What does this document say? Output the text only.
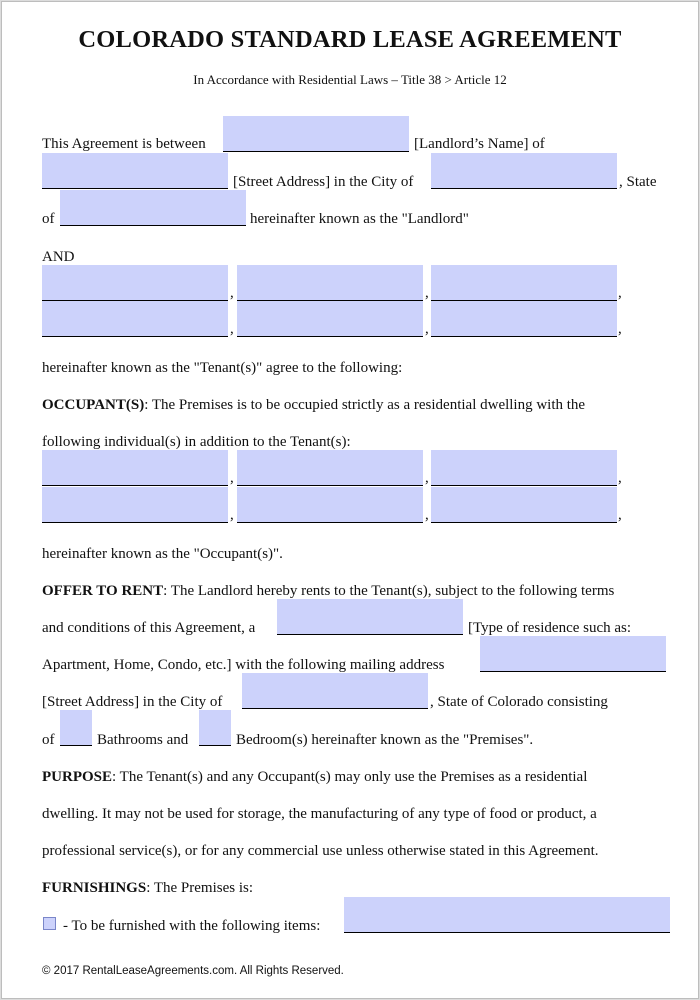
COLORADO STANDARD LEASE AGREEMENT
In Accordance with Residential Laws – Title 38 > Article 12
This Agreement is between	[Landlord’s Name] of
[Street Address] in the City of	, State
of	hereinafter known as the "Landlord"
AND
,	,	,
,	,	,
hereinafter known as the "Tenant(s)" agree to the following:
OCCUPANT(S): The Premises is to be occupied strictly as a residential dwelling with the
following individual(s) in addition to the Tenant(s):
,	,	,
,	,	,
hereinafter known as the "Occupant(s)".
OFFER TO RENT: The Landlord hereby rents to the Tenant(s), subject to the following terms
and conditions of this Agreement, a	[Type of residence such as:
Apartment, Home, Condo, etc.] with the following mailing address
[Street Address] in the City of	, State of Colorado consisting
of	Bathrooms and	Bedroom(s) hereinafter known as the "Premises".
PURPOSE: The Tenant(s) and any Occupant(s) may only use the Premises as a residential
dwelling. It may not be used for storage, the manufacturing of any type of food or product, a
professional service(s), or for any commercial use unless otherwise stated in this Agreement.
FURNISHINGS: The Premises is:
- To be furnished with the following items:
© 2017 RentalLeaseAgreements.com. All Rights Reserved.
